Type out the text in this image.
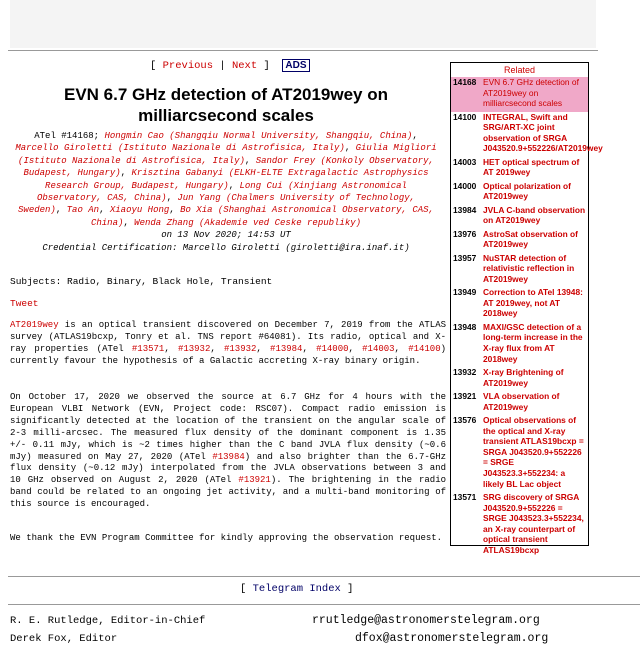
[ Previous | Next ]  ADS
EVN 6.7 GHz detection of AT2019wey on milliarcsecond scales
ATel #14168; Hongmin Cao (Shangqiu Normal University, Shangqiu, China), Marcello Giroletti (Istituto Nazionale di Astrofisica, Italy), Giulia Migliori (Istituto Nazionale di Astrofisica, Italy), Sandor Frey (Konkoly Observatory, Budapest, Hungary), Krisztina Gabanyi (ELKH-ELTE Extragalactic Astrophysics Research Group, Budapest, Hungary), Long Cui (Xinjiang Astronomical Observatory, CAS, China), Jun Yang (Chalmers University of Technology, Sweden), Tao An, Xiaoyu Hong, Bo Xia (Shanghai Astronomical Observatory, CAS, China), Wenda Zhang (Akademie ved Ceske republiky)
on 13 Nov 2020; 14:53 UT
Credential Certification: Marcello Giroletti (giroletti@ira.inaf.it)
Subjects: Radio, Binary, Black Hole, Transient
Tweet

AT2019wey is an optical transient discovered on December 7, 2019 from the ATLAS survey (ATLAS19bcxp, Tonry et al. TNS report #64081). Its radio, optical and X-ray properties (ATel #13571, #13932, #13932, #13984, #14000, #14003, #14100) currently favour the hypothesis of a Galactic accreting X-ray binary origin.

On October 17, 2020 we observed the source at 6.7 GHz for 4 hours with the European VLBI Network (EVN, Project code: RSC07). Compact radio emission is significantly detected at the location of the transient on the angular scale of 2-3 milli-arcsec. The measured flux density of the dominant component is 1.35 +/- 0.11 mJy, which is ~2 times higher than the C band JVLA flux density (~0.6 mJy) measured on May 27, 2020 (ATel #13984) and also brighter than the 6.7-GHz flux density (~0.12 mJy) interpolated from the JVLA observations between 3 and 10 GHz observed on August 2, 2020 (ATel #13921). The brightening in the radio band could be related to an ongoing jet activity, and a multi-band monitoring of this source is encouraged.

We thank the EVN Program Committee for kindly approving the observation request.

[ Telegram Index ]
R. E. Rutledge, Editor-in-Chief
Derek Fox, Editor
rrutledge@astronomerstelegram.org
dfox@astronomerstelegram.org
Related
14168 EVN 6.7 GHz detection of AT2019wey on milliarcsecond scales
14100 INTEGRAL, Swift and SRG/ART-XC joint observation of SRGA J043520.9+552226/AT2019wey
14003 HET optical spectrum of AT 2019wey
14000 Optical polarization of AT2019wey
13984 JVLA C-band observation on AT2019wey
13976 AstroSat observation of AT2019wey
13957 NuSTAR detection of relativistic reflection in AT2019wey
13949 Correction to ATel 13948: AT 2019wey, not AT 2018wey
13948 MAXI/GSC detection of a long-term increase in the X-ray flux from AT 2018wey
13932 X-ray Brightening of AT2019wey
13921 VLA observation of AT2019wey
13576 Optical observations of the optical and X-ray transient ATLAS19bcxp = SRGA J043520.9+552226 = SRGE J043523.3+552234: a likely BL Lac object
13571 SRG discovery of SRGA J043520.9+552226 = SRGE J043523.3+552234, an X-ray counterpart of optical transient ATLAS19bcxp
